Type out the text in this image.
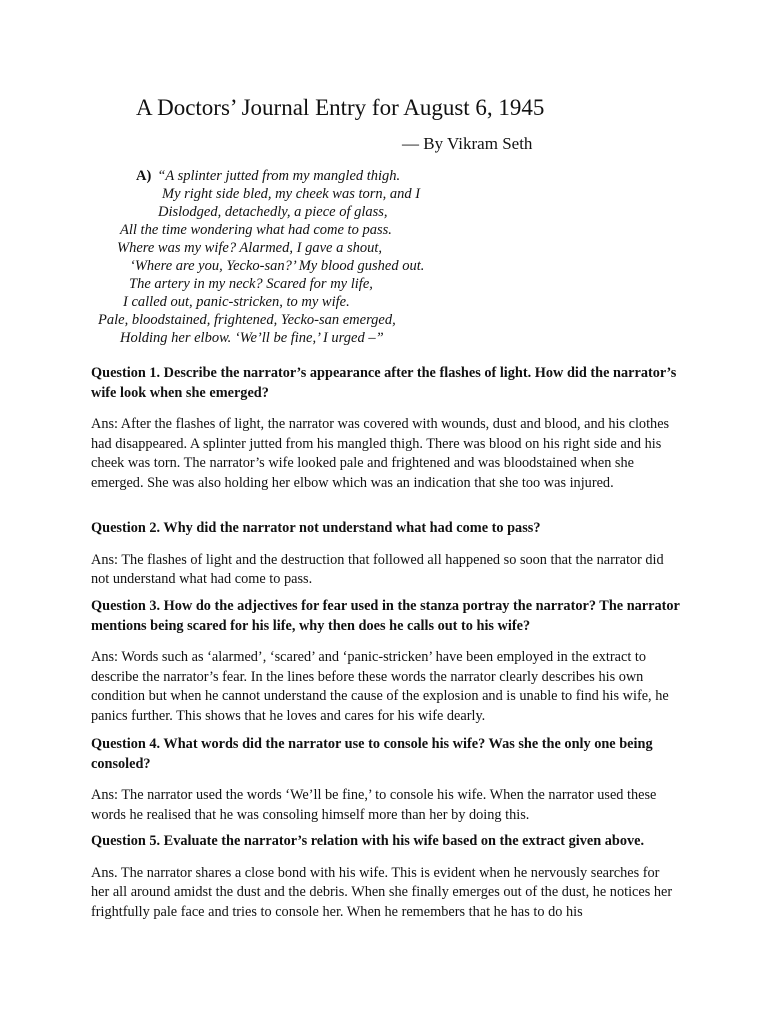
A Doctors’ Journal Entry for August 6, 1945
— By Vikram Seth
A) “A splinter jutted from my mangled thigh.
My right side bled, my cheek was torn, and I
Dislodged, detachedly, a piece of glass,
All the time wondering what had come to pass.
Where was my wife? Alarmed, I gave a shout,
‘Where are you, Yecko-san?’ My blood gushed out.
The artery in my neck? Scared for my life,
I called out, panic-stricken, to my wife.
Pale, bloodstained, frightened, Yecko-san emerged,
Holding her elbow. ‘We’ll be fine,’ I urged –”
Question 1. Describe the narrator’s appearance after the flashes of light. How did the narrator’s wife look when she emerged?
Ans: After the flashes of light, the narrator was covered with wounds, dust and blood, and his clothes had disappeared. A splinter jutted from his mangled thigh. There was blood on his right side and his cheek was torn. The narrator’s wife looked pale and frightened and was bloodstained when she emerged. She was also holding her elbow which was an indication that she too was injured.
Question 2. Why did the narrator not understand what had come to pass?
Ans: The flashes of light and the destruction that followed all happened so soon that the narrator did not understand what had come to pass.
Question 3. How do the adjectives for fear used in the stanza portray the narrator? The narrator mentions being scared for his life, why then does he calls out to his wife?
Ans: Words such as ‘alarmed’, ‘scared’ and ‘panic-stricken’ have been employed in the extract to describe the narrator’s fear. In the lines before these words the narrator clearly describes his own condition but when he cannot understand the cause of the explosion and is unable to find his wife, he panics further. This shows that he loves and cares for his wife dearly.
Question 4. What words did the narrator use to console his wife? Was she the only one being consoled?
Ans: The narrator used the words ‘We’ll be fine,’ to console his wife. When the narrator used these words he realised that he was consoling himself more than her by doing this.
Question 5. Evaluate the narrator’s relation with his wife based on the extract given above.
Ans. The narrator shares a close bond with his wife. This is evident when he nervously searches for her all around amidst the dust and the debris. When she finally emerges out of the dust, he notices her frightfully pale face and tries to console her. When he remembers that he has to do his
